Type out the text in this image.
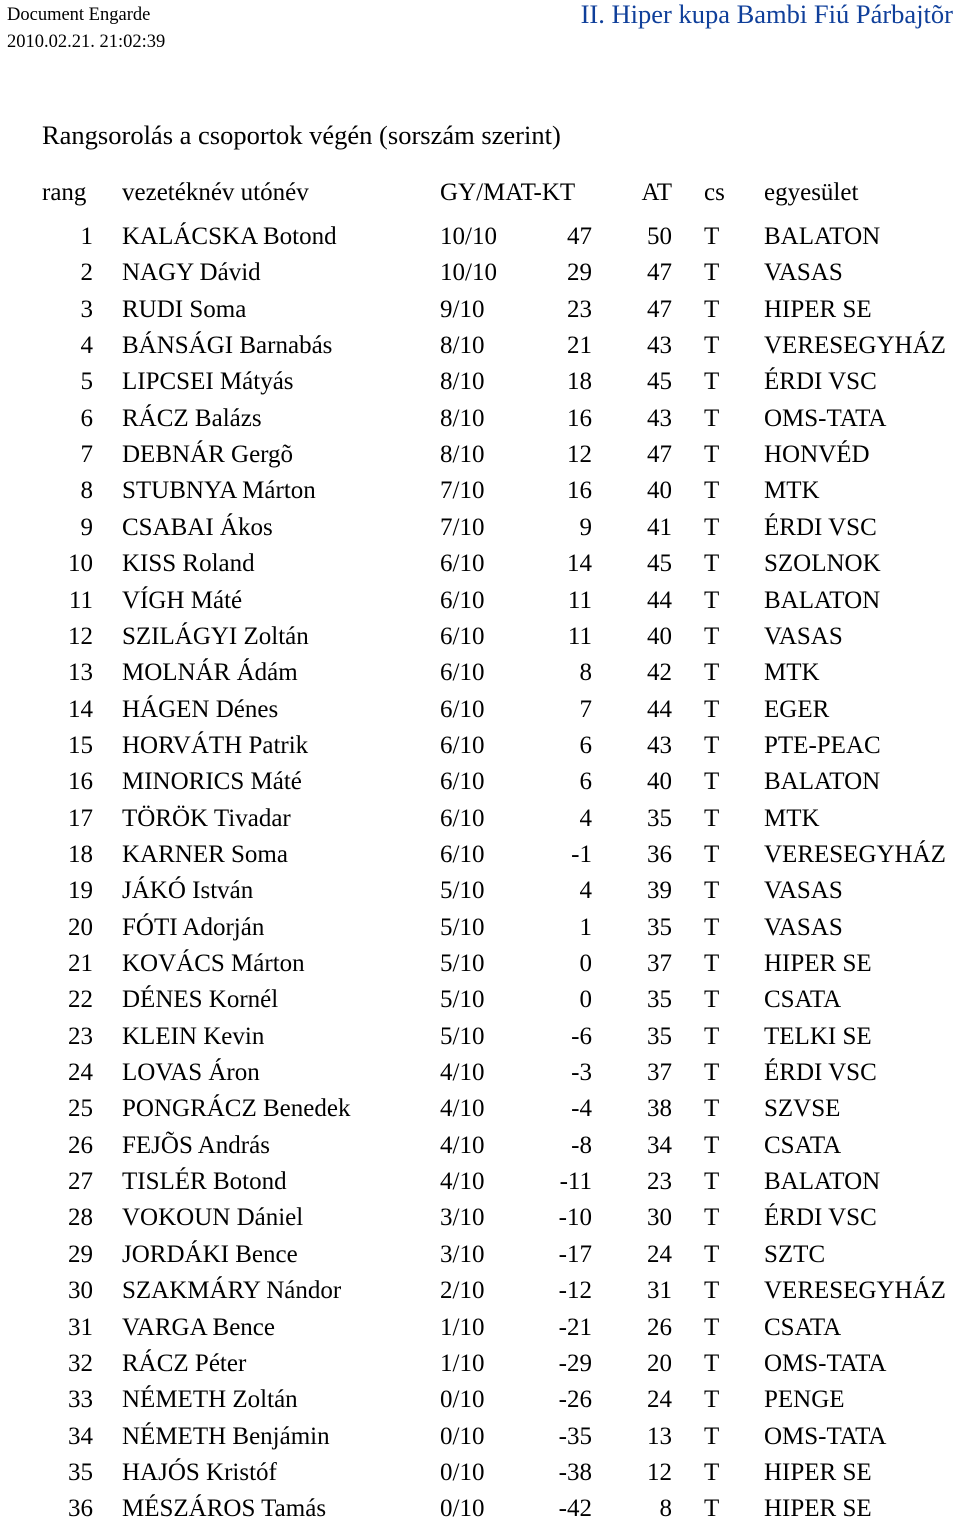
Document Engarde
2010.02.21. 21:02:39
II. Hiper kupa Bambi Fiú Párbajtõr
Rangsorolás a csoportok végén (sorszám szerint)
rang vezetéknév utónév	GY/MAT-KT	AT cs egyesület
1 KALÁCSKA Botond	10/10	47 50 T BALATON
2 NAGY Dávid	10/10	29 47 T VASAS
3 RUDI Soma	9/10	23 47 T HIPER SE
4 BÁNSÁGI Barnabás	8/10	21 43 T VERESEGYHÁZ
5 LIPCSEI Mátyás	8/10	18 45 T ÉRDI VSC
6 RÁCZ Balázs	8/10	16 43 T OMS-TATA
7 DEBNÁR Gergõ	8/10	12 47 T HONVÉD
8 STUBNYA Márton	7/10	16 40 T MTK
9 CSABAI Ákos	7/10	9 41 T ÉRDI VSC
10 KISS Roland	6/10	14 45 T SZOLNOK
11 VÍGH Máté	6/10	11 44 T BALATON
12 SZILÁGYI Zoltán	6/10	11 40 T VASAS
13 MOLNÁR Ádám	6/10	8 42 T MTK
14 HÁGEN Dénes	6/10	7 44 T EGER
15 HORVÁTH Patrik	6/10	6 43 T PTE-PEAC
16 MINORICS Máté	6/10	6 40 T BALATON
17 TÖRÖK Tivadar	6/10	4 35 T MTK
18 KARNER Soma	6/10	-1 36 T VERESEGYHÁZ
19 JÁKÓ István	5/10	4 39 T VASAS
20 FÓTI Adorján	5/10	1 35 T VASAS
21 KOVÁCS Márton	5/10	0 37 T HIPER SE
22 DÉNES Kornél	5/10	0 35 T CSATA
23 KLEIN Kevin	5/10	-6 35 T TELKI SE
24 LOVAS Áron	4/10	-3 37 T ÉRDI VSC
25 PONGRÁCZ Benedek	4/10	-4 38 T SZVSE
26 FEJÕS András	4/10	-8 34 T CSATA
27 TISLÉR Botond	4/10	-11 23 T BALATON
28 VOKOUN Dániel	3/10	-10 30 T ÉRDI VSC
29 JORDÁKI Bence	3/10	-17 24 T SZTC
30 SZAKMÁRY Nándor	2/10	-12 31 T VERESEGYHÁZ
31 VARGA Bence	1/10	-21 26 T CSATA
32 RÁCZ Péter	1/10	-29 20 T OMS-TATA
33 NÉMETH Zoltán	0/10	-26 24 T PENGE
34 NÉMETH Benjámin	0/10	-35 13 T OMS-TATA
35 HAJÓS Kristóf	0/10	-38 12 T HIPER SE
36 MÉSZÁROS Tamás	0/10	-42	8 T HIPER SE
